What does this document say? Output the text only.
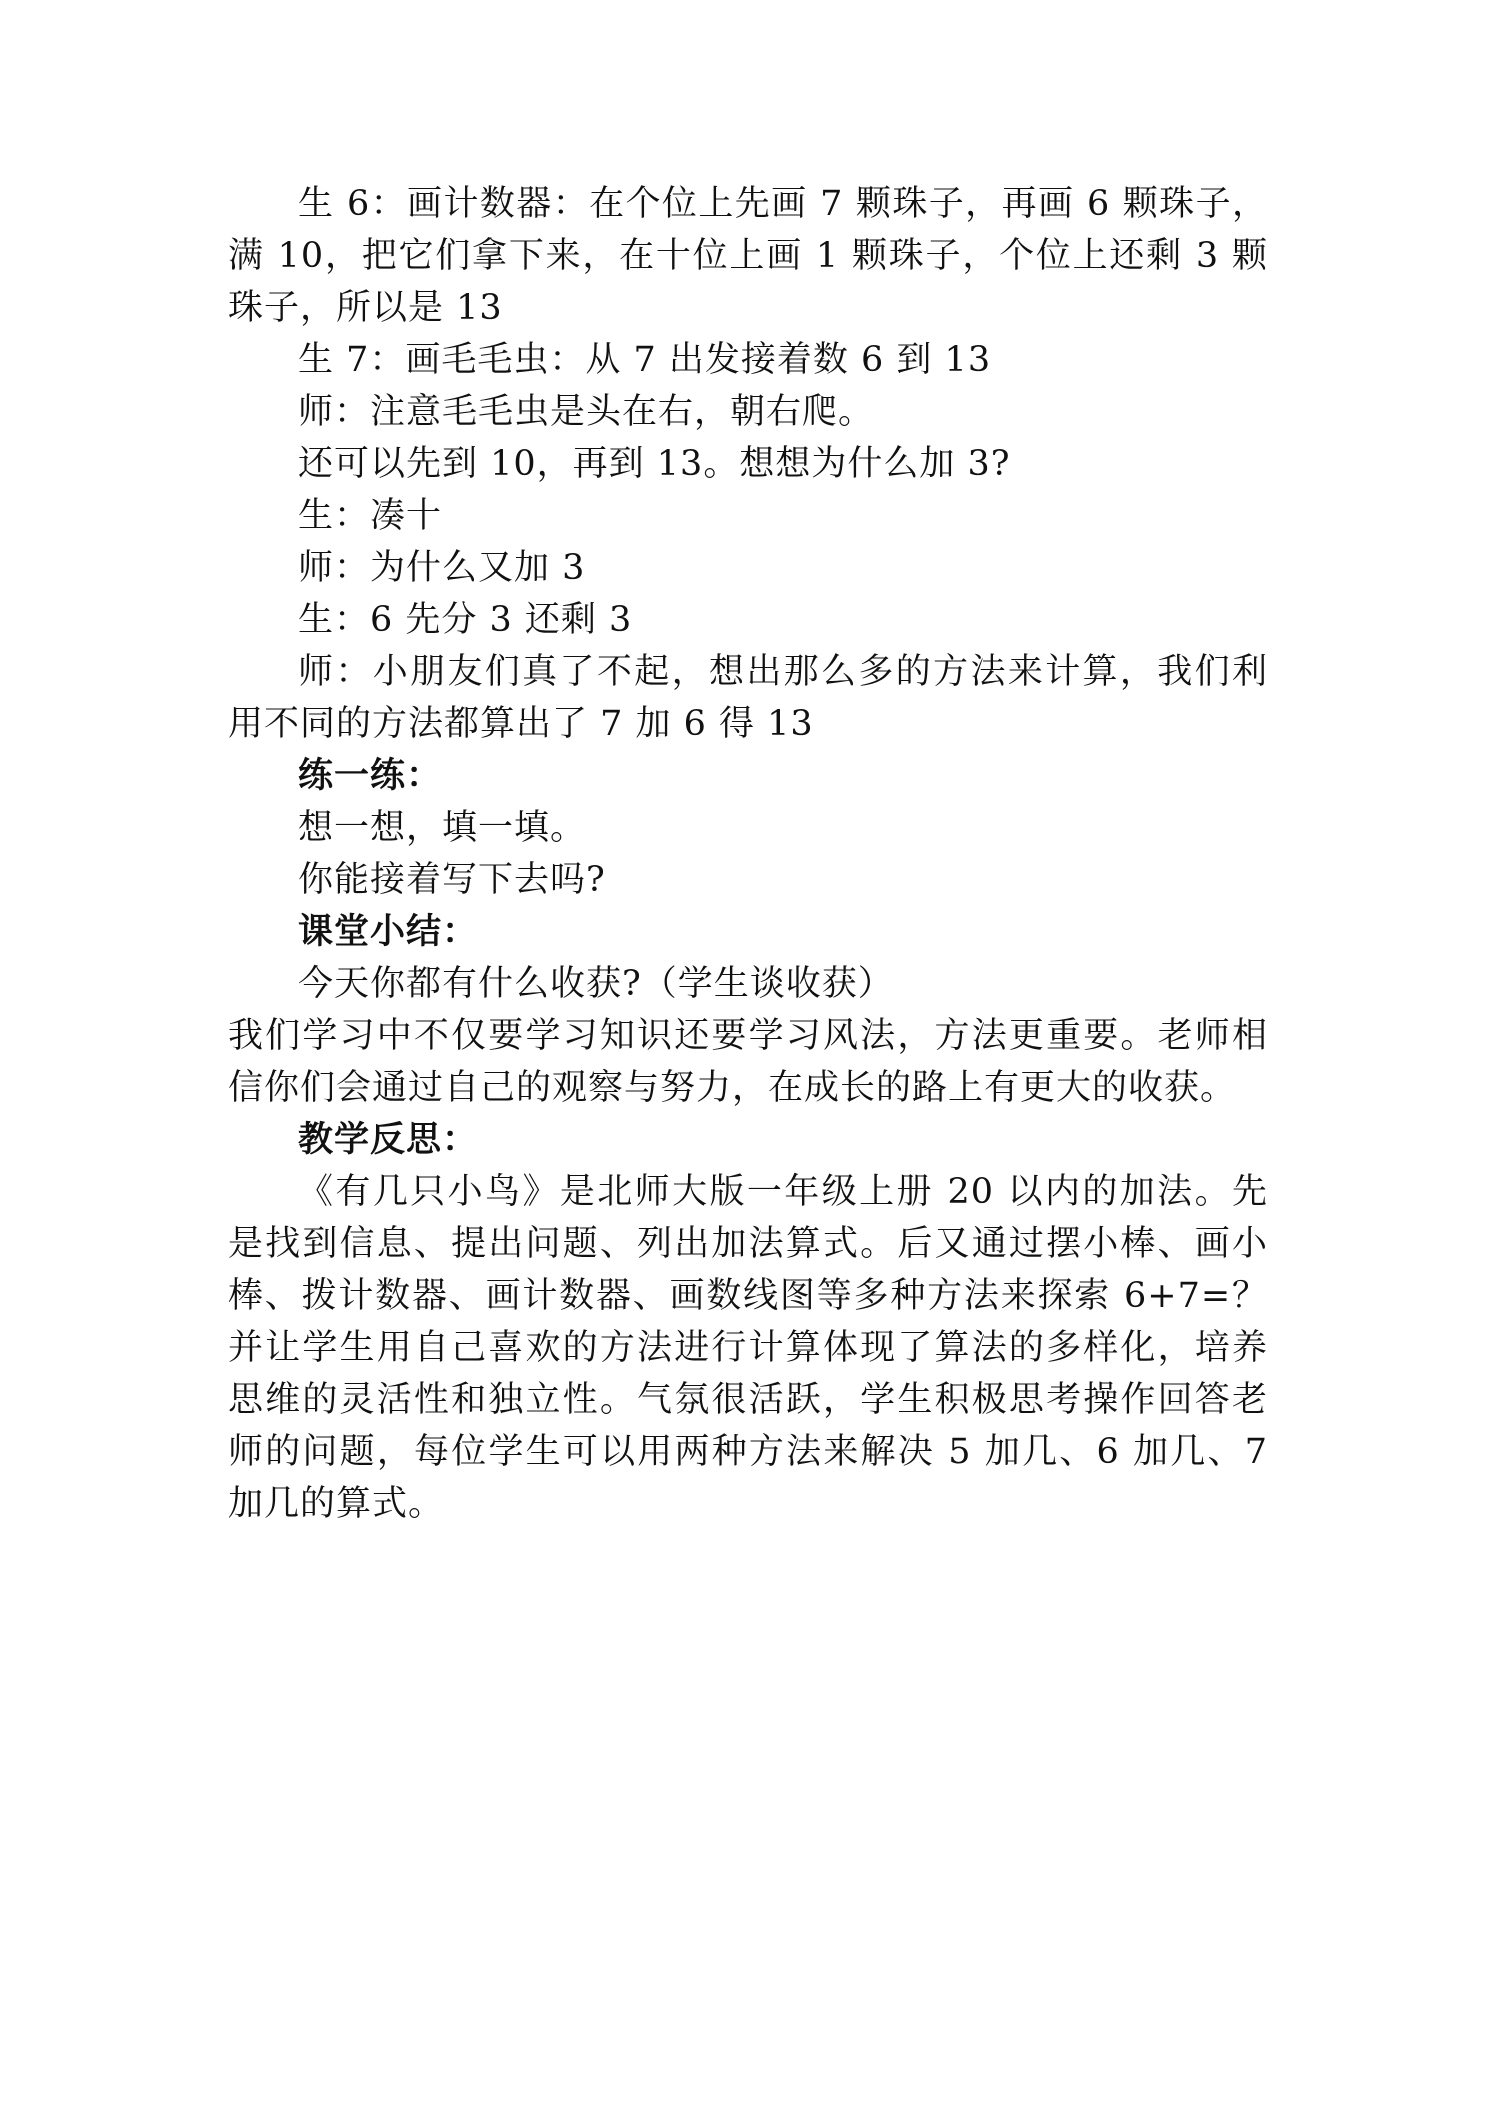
生 6：画计数器：在个位上先画 7 颗珠子，再画 6 颗珠子，满 10，把它们拿下来，在十位上画 1 颗珠子，个位上还剩 3 颗珠子，所以是 13

生 7：画毛毛虫：从 7 出发接着数 6 到 13

师：注意毛毛虫是头在右，朝右爬。

还可以先到 10，再到 13。想想为什么加 3?

生：凑十

师：为什么又加 3

生：6 先分 3 还剩 3

师：小朋友们真了不起，想出那么多的方法来计算，我们利用不同的方法都算出了 7 加 6 得 13

练一练：

想一想，填一填。

你能接着写下去吗?

课堂小结：

今天你都有什么收获?（学生谈收获）

我们学习中不仅要学习知识还要学习风法，方法更重要。老师相信你们会通过自己的观察与努力，在成长的路上有更大的收获。

教学反思：

《有几只小鸟》是北师大版一年级上册 20 以内的加法。先是找到信息、提出问题、列出加法算式。后又通过摆小棒、画小棒、拨计数器、画计数器、画数线图等多种方法来探索 6+7=？并让学生用自己喜欢的方法进行计算体现了算法的多样化，培养思维的灵活性和独立性。气氛很活跃，学生积极思考操作回答老师的问题，每位学生可以用两种方法来解决 5 加几、6 加几、7 加几的算式。
